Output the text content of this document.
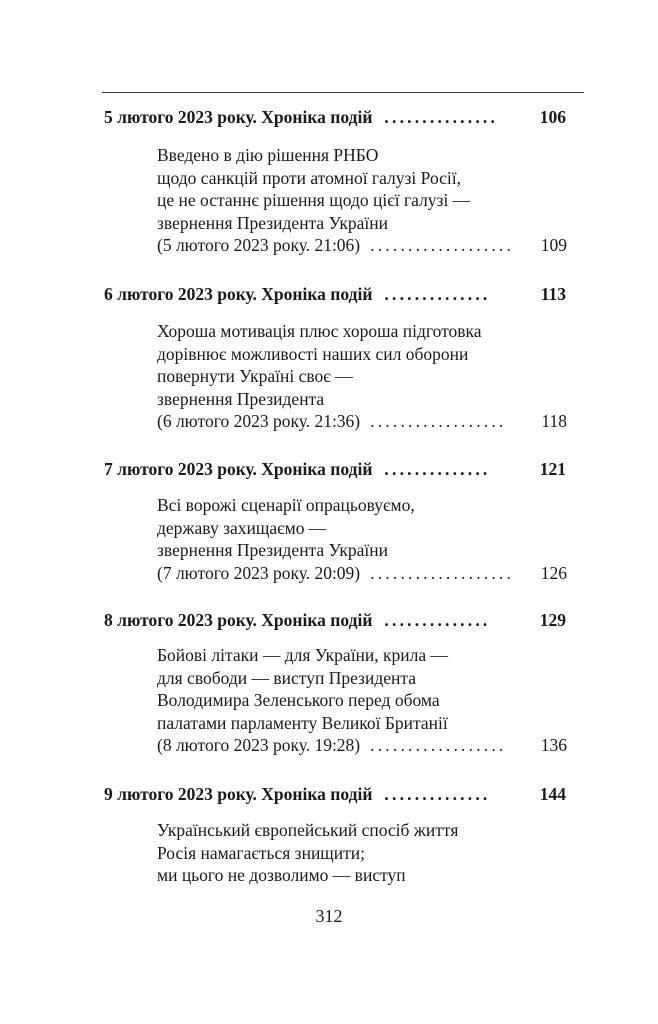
5 лютого 2023 року. Хроніка подій ............... 106
Введено в дію рішення РНБО
щодо санкцій проти атомної галузі Росії,
це не останнє рішення щодо цієї галузі —
звернення Президента України
(5 лютого 2023 року. 21:06) ................... 109
6 лютого 2023 року. Хроніка подій ..............	113
Хороша мотивація плюс хороша підготовка
дорівнює можливості наших сил оборони
повернути Україні своє —
звернення Президента
(6 лютого 2023 року. 21:36) .................. 118
7 лютого 2023 року. Хроніка подій ..............	121
Всі ворожі сценарії опрацьовуємо,
державу захищаємо —
звернення Президента України
(7 лютого 2023 року. 20:09) ................... 126
8 лютого 2023 року. Хроніка подій ..............	129
Бойові літаки — для України, крила —
для свободи — виступ Президента
Володимира Зеленського перед обома
палатами парламенту Великої Британії
(8 лютого 2023 року. 19:28) .................. 136
9 лютого 2023 року. Хроніка подій ..............	144
Український європейський спосіб життя
Росія намагається знищити;
ми цього не дозволимо — виступ
312
